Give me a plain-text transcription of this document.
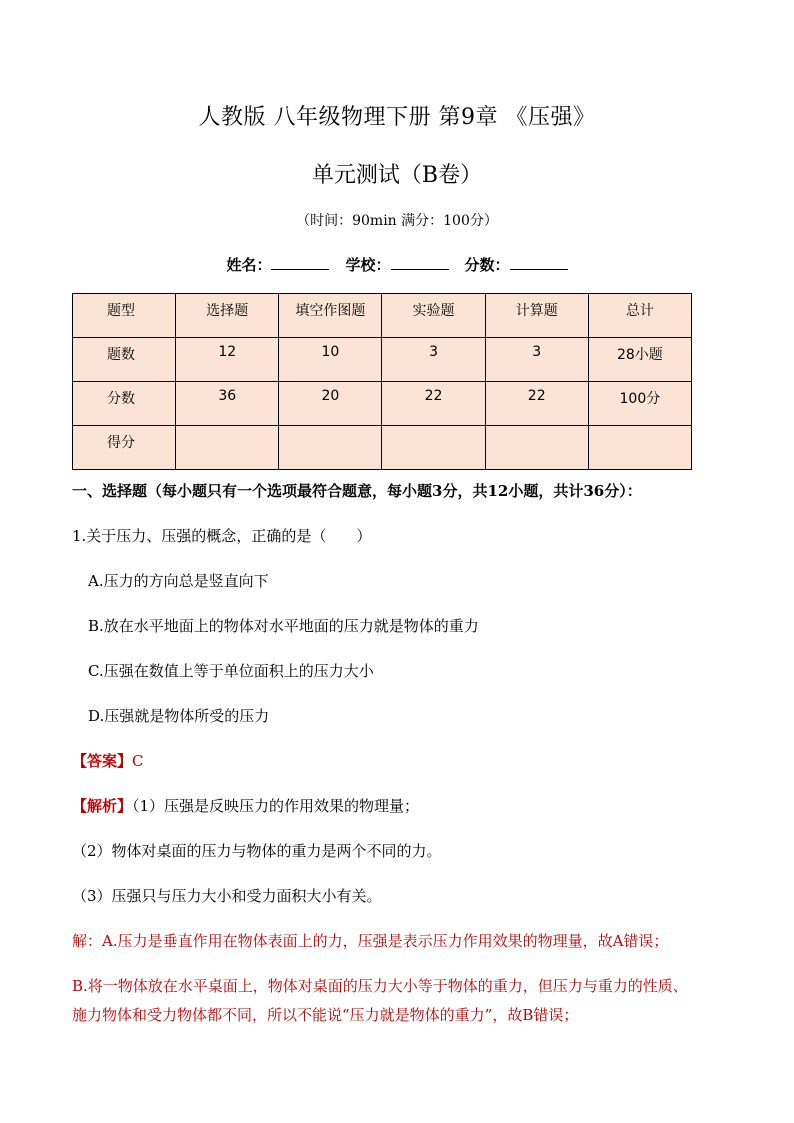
人教版 八年级物理下册 第9章 《压强》
单元测试（B卷）
（时间：90min 满分：100分）
姓名：	学校：	分数：
题型	选择题	填空作图题	实验题	计算题	总计
题数	12	10	3	3	28小题
分数	36	20	22	22	100分
得分					
一、选择题（每小题只有一个选项最符合题意，每小题3分，共12小题，共计36分）：
1.关于压力、压强的概念，正确的是（　　）
A.压力的方向总是竖直向下
B.放在水平地面上的物体对水平地面的压力就是物体的重力
C.压强在数值上等于单位面积上的压力大小
D.压强就是物体所受的压力
【答案】C
【解析】（1）压强是反映压力的作用效果的物理量；
（2）物体对桌面的压力与物体的重力是两个不同的力。
（3）压强只与压力大小和受力面积大小有关。
解：A.压力是垂直作用在物体表面上的力，压强是表示压力作用效果的物理量，故A错误；
B.将一物体放在水平桌面上，物体对桌面的压力大小等于物体的重力，但压力与重力的性质、
施力物体和受力物体都不同，所以不能说“压力就是物体的重力”，故B错误；
